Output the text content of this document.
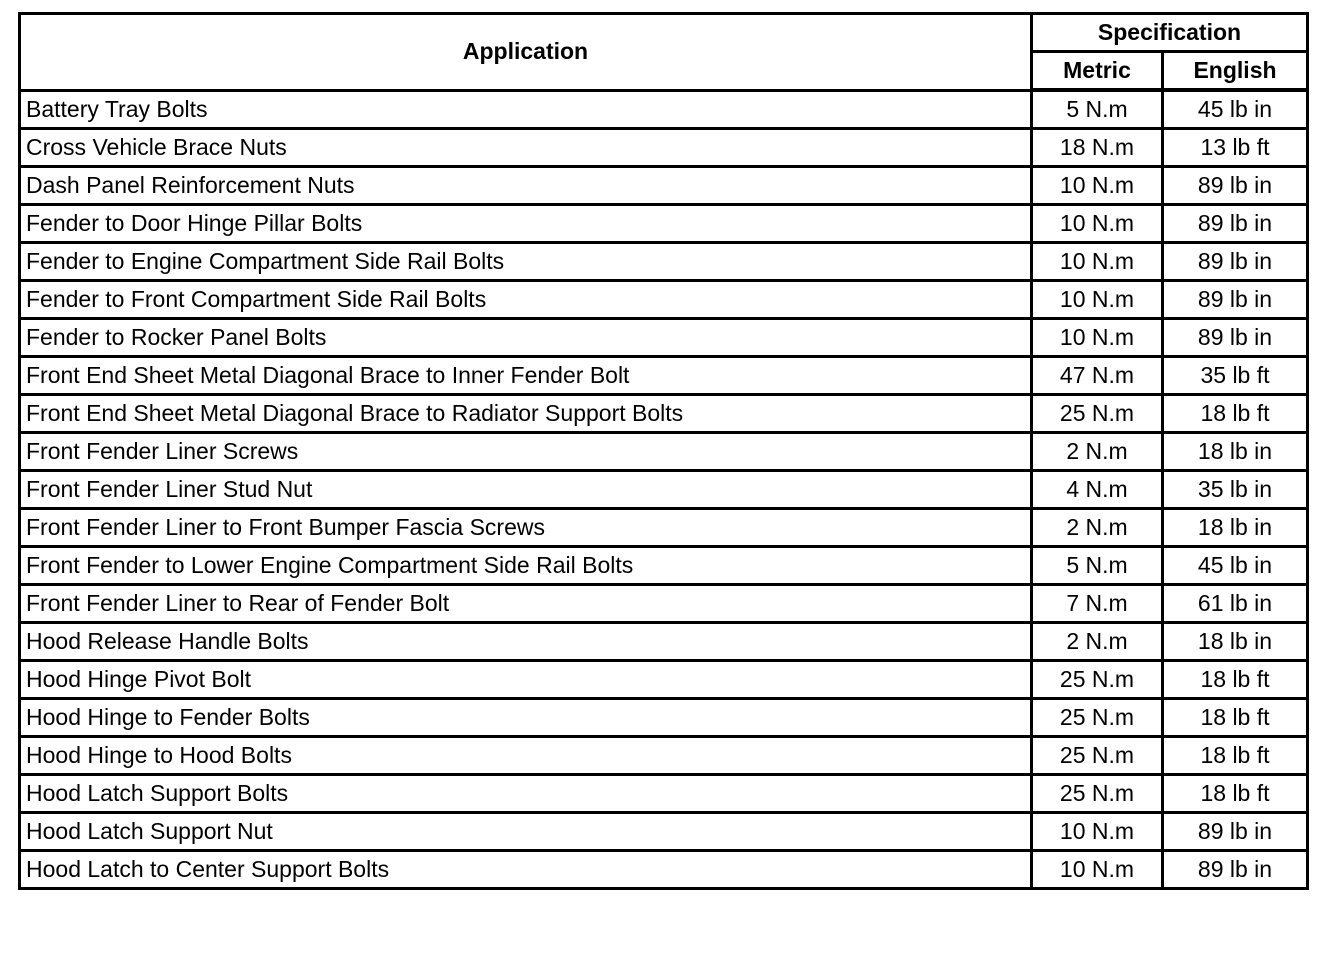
Application	Specification	
	Metric	English
Battery Tray Bolts	5 N.m	45 lb in
Cross Vehicle Brace Nuts	18 N.m	13 lb ft
Dash Panel Reinforcement Nuts	10 N.m	89 lb in
Fender to Door Hinge Pillar Bolts	10 N.m	89 lb in
Fender to Engine Compartment Side Rail Bolts	10 N.m	89 lb in
Fender to Front Compartment Side Rail Bolts	10 N.m	89 lb in
Fender to Rocker Panel Bolts	10 N.m	89 lb in
Front End Sheet Metal Diagonal Brace to Inner Fender Bolt	47 N.m	35 lb ft
Front End Sheet Metal Diagonal Brace to Radiator Support Bolts	25 N.m	18 lb ft
Front Fender Liner Screws	2 N.m	18 lb in
Front Fender Liner Stud Nut	4 N.m	35 lb in
Front Fender Liner to Front Bumper Fascia Screws	2 N.m	18 lb in
Front Fender to Lower Engine Compartment Side Rail Bolts	5 N.m	45 lb in
Front Fender Liner to Rear of Fender Bolt	7 N.m	61 lb in
Hood Release Handle Bolts	2 N.m	18 lb in
Hood Hinge Pivot Bolt	25 N.m	18 lb ft
Hood Hinge to Fender Bolts	25 N.m	18 lb ft
Hood Hinge to Hood Bolts	25 N.m	18 lb ft
Hood Latch Support Bolts	25 N.m	18 lb ft
Hood Latch Support Nut	10 N.m	89 lb in
Hood Latch to Center Support Bolts	10 N.m	89 lb in
